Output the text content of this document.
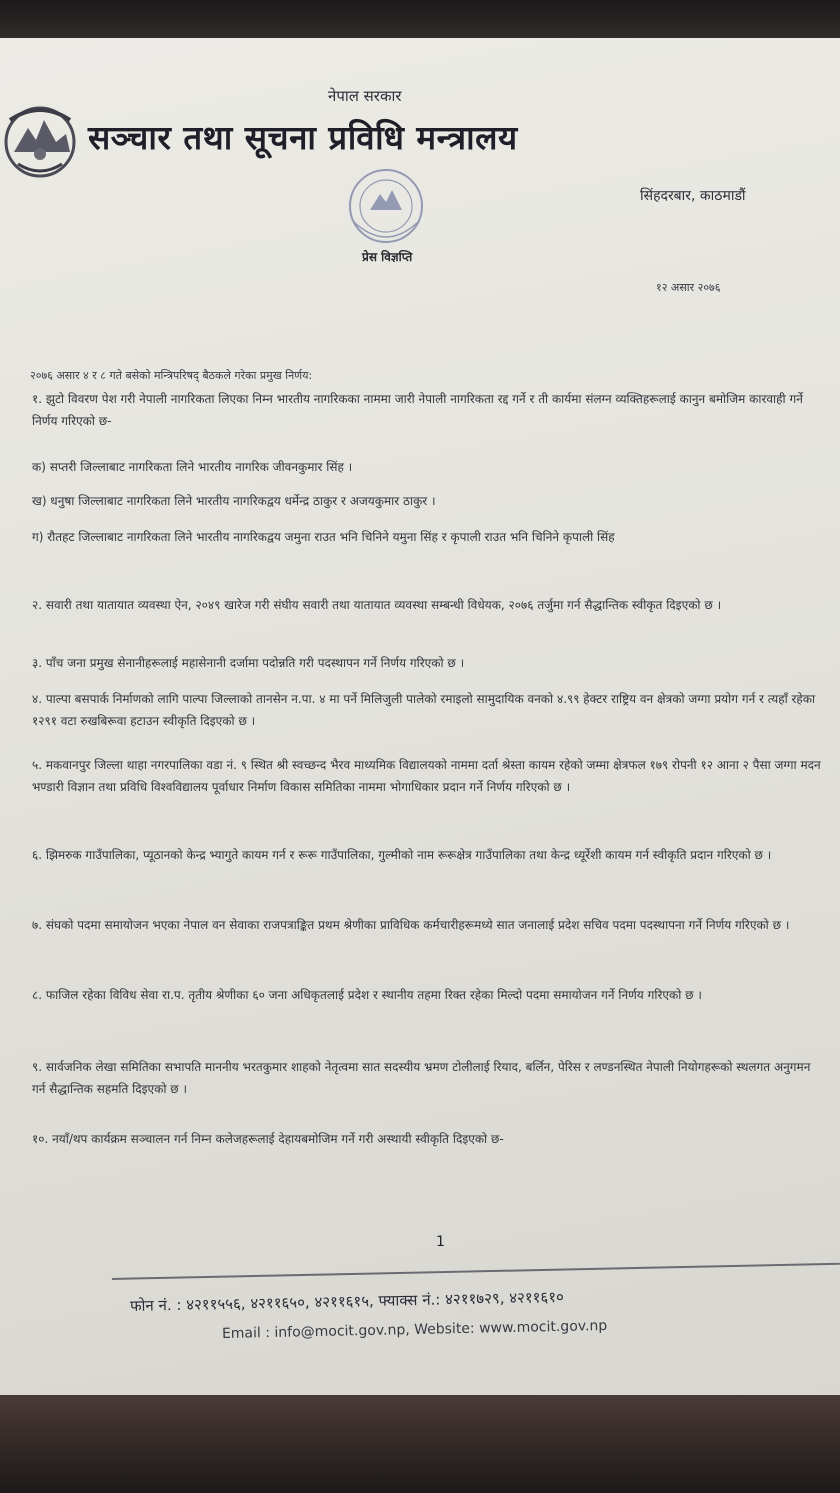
नेपाल सरकार
सञ्चार तथा सूचना प्रविधि मन्त्रालय
प्रेस विज्ञप्ति
सिंहदरबार, काठमाडौं
१२ असार २०७६
२०७६ असार ४ र ८ गते बसेको मन्त्रिपरिषद् बैठकले गरेका प्रमुख निर्णय:
१. झुटो विवरण पेश गरी नेपाली नागरिकता लिएका निम्न भारतीय नागरिकका नाममा जारी नेपाली नागरिकता रद्द गर्ने र ती कार्यमा संलग्न व्यक्तिहरूलाई कानुन बमोजिम कारवाही गर्ने निर्णय गरिएको छ-
क) सप्तरी जिल्लाबाट नागरिकता लिने भारतीय नागरिक जीवनकुमार सिंह ।
ख) धनुषा जिल्लाबाट नागरिकता लिने भारतीय नागरिकद्वय धर्मेन्द्र ठाकुर र अजयकुमार ठाकुर ।
ग) रौतहट जिल्लाबाट नागरिकता लिने भारतीय नागरिकद्वय जमुना राउत भनि चिनिने यमुना सिंह र कृपाली राउत भनि चिनिने कृपाली सिंह
२. सवारी तथा यातायात व्यवस्था ऐन, २०४९ खारेज गरी संघीय सवारी तथा यातायात व्यवस्था सम्बन्धी विधेयक, २०७६ तर्जुमा गर्न सैद्धान्तिक स्वीकृत दिइएको छ ।
३. पाँच जना प्रमुख सेनानीहरूलाई महासेनानी दर्जामा पदोन्नति गरी पदस्थापन गर्ने निर्णय गरिएको छ ।
४. पाल्पा बसपार्क निर्माणको लागि पाल्पा जिल्लाको तानसेन न.पा. ४ मा पर्ने मिलिजुली पालेको रमाइलो सामुदायिक वनको ४.९९ हेक्टर राष्ट्रिय वन क्षेत्रको जग्गा प्रयोग गर्न र त्यहाँ रहेका १२९१ वटा रुखबिरूवा हटाउन स्वीकृति दिइएको छ ।
५. मकवानपुर जिल्ला थाहा नगरपालिका वडा नं. ९ स्थित श्री स्वच्छन्द भैरव माध्यमिक विद्यालयको नाममा दर्ता श्रेस्ता कायम रहेको जम्मा क्षेत्रफल १७९ रोपनी १२ आना २ पैसा जग्गा मदन भण्डारी विज्ञान तथा प्रविधि विश्वविद्यालय पूर्वाधार निर्माण विकास समितिका नाममा भोगाधिकार प्रदान गर्ने निर्णय गरिएको छ ।
६. झिमरुक गाउँपालिका, प्यूठानको केन्द्र भ्यागुते कायम गर्न र रूरू गाउँपालिका, गुल्मीको नाम रूरूक्षेत्र गाउँपालिका तथा केन्द्र ध्यूर्रेशी कायम गर्न स्वीकृति प्रदान गरिएको छ ।
७. संघको पदमा समायोजन भएका नेपाल वन सेवाका राजपत्राङ्कित प्रथम श्रेणीका प्राविधिक कर्मचारीहरूमध्ये सात जनालाई प्रदेश सचिव पदमा पदस्थापना गर्ने निर्णय गरिएको छ ।
८. फाजिल रहेका विविध सेवा रा.प. तृतीय श्रेणीका ६० जना अधिकृतलाई प्रदेश र स्थानीय तहमा रिक्त रहेका मिल्दो पदमा समायोजन गर्ने निर्णय गरिएको छ ।
९. सार्वजनिक लेखा समितिका सभापति माननीय भरतकुमार शाहको नेतृत्वमा सात सदस्यीय भ्रमण टोलीलाई रियाद, बर्लिन, पेरिस र लण्डनस्थित नेपाली नियोगहरूको स्थलगत अनुगमन गर्न सैद्धान्तिक सहमति दिइएको छ ।
१०. नयाँ/थप कार्यक्रम सञ्चालन गर्न निम्न कलेजहरूलाई देहायबमोजिम गर्ने गरी अस्थायी स्वीकृति दिइएको छ-
1
फोन नं. : ४२११५५६, ४२११६५०, ४२११६१५, फ्याक्स नं.: ४२११७२९, ४२११६१०
Email : info@mocit.gov.np, Website: www.mocit.gov.np
